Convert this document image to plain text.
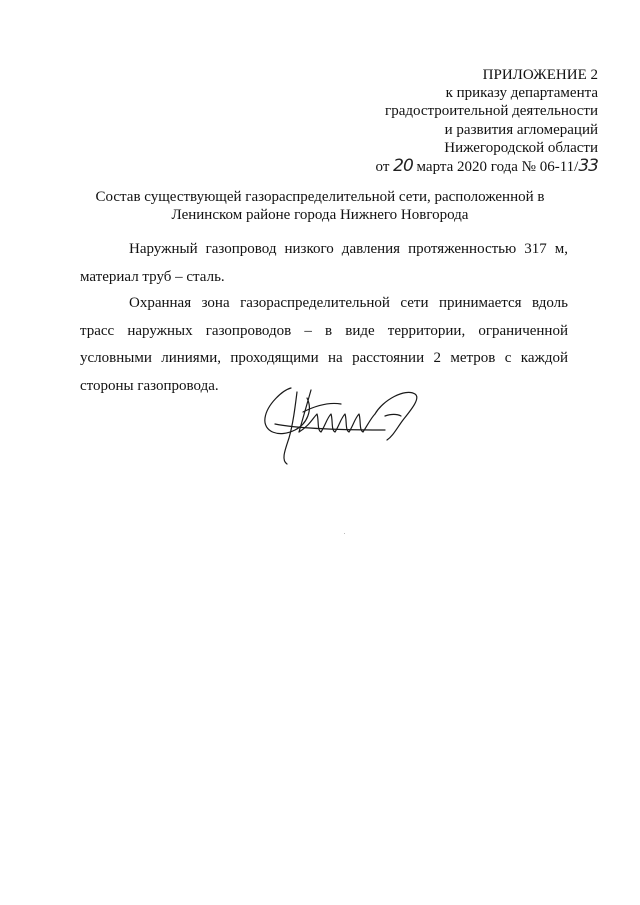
ПРИЛОЖЕНИЕ 2
к приказу департамента
градостроительной деятельности
и развития агломераций
Нижегородской области
от 20 марта 2020 года № 06-11/33
Состав существующей газораспределительной сети, расположенной в
Ленинском районе города Нижнего Новгорода
Наружный газопровод низкого давления протяженностью 317 м, материал труб – сталь.
Охранная зона газораспределительной сети принимается вдоль трасс наружных газопроводов – в виде территории, ограниченной условными линиями, проходящими на расстоянии 2 метров с каждой стороны газопровода.
